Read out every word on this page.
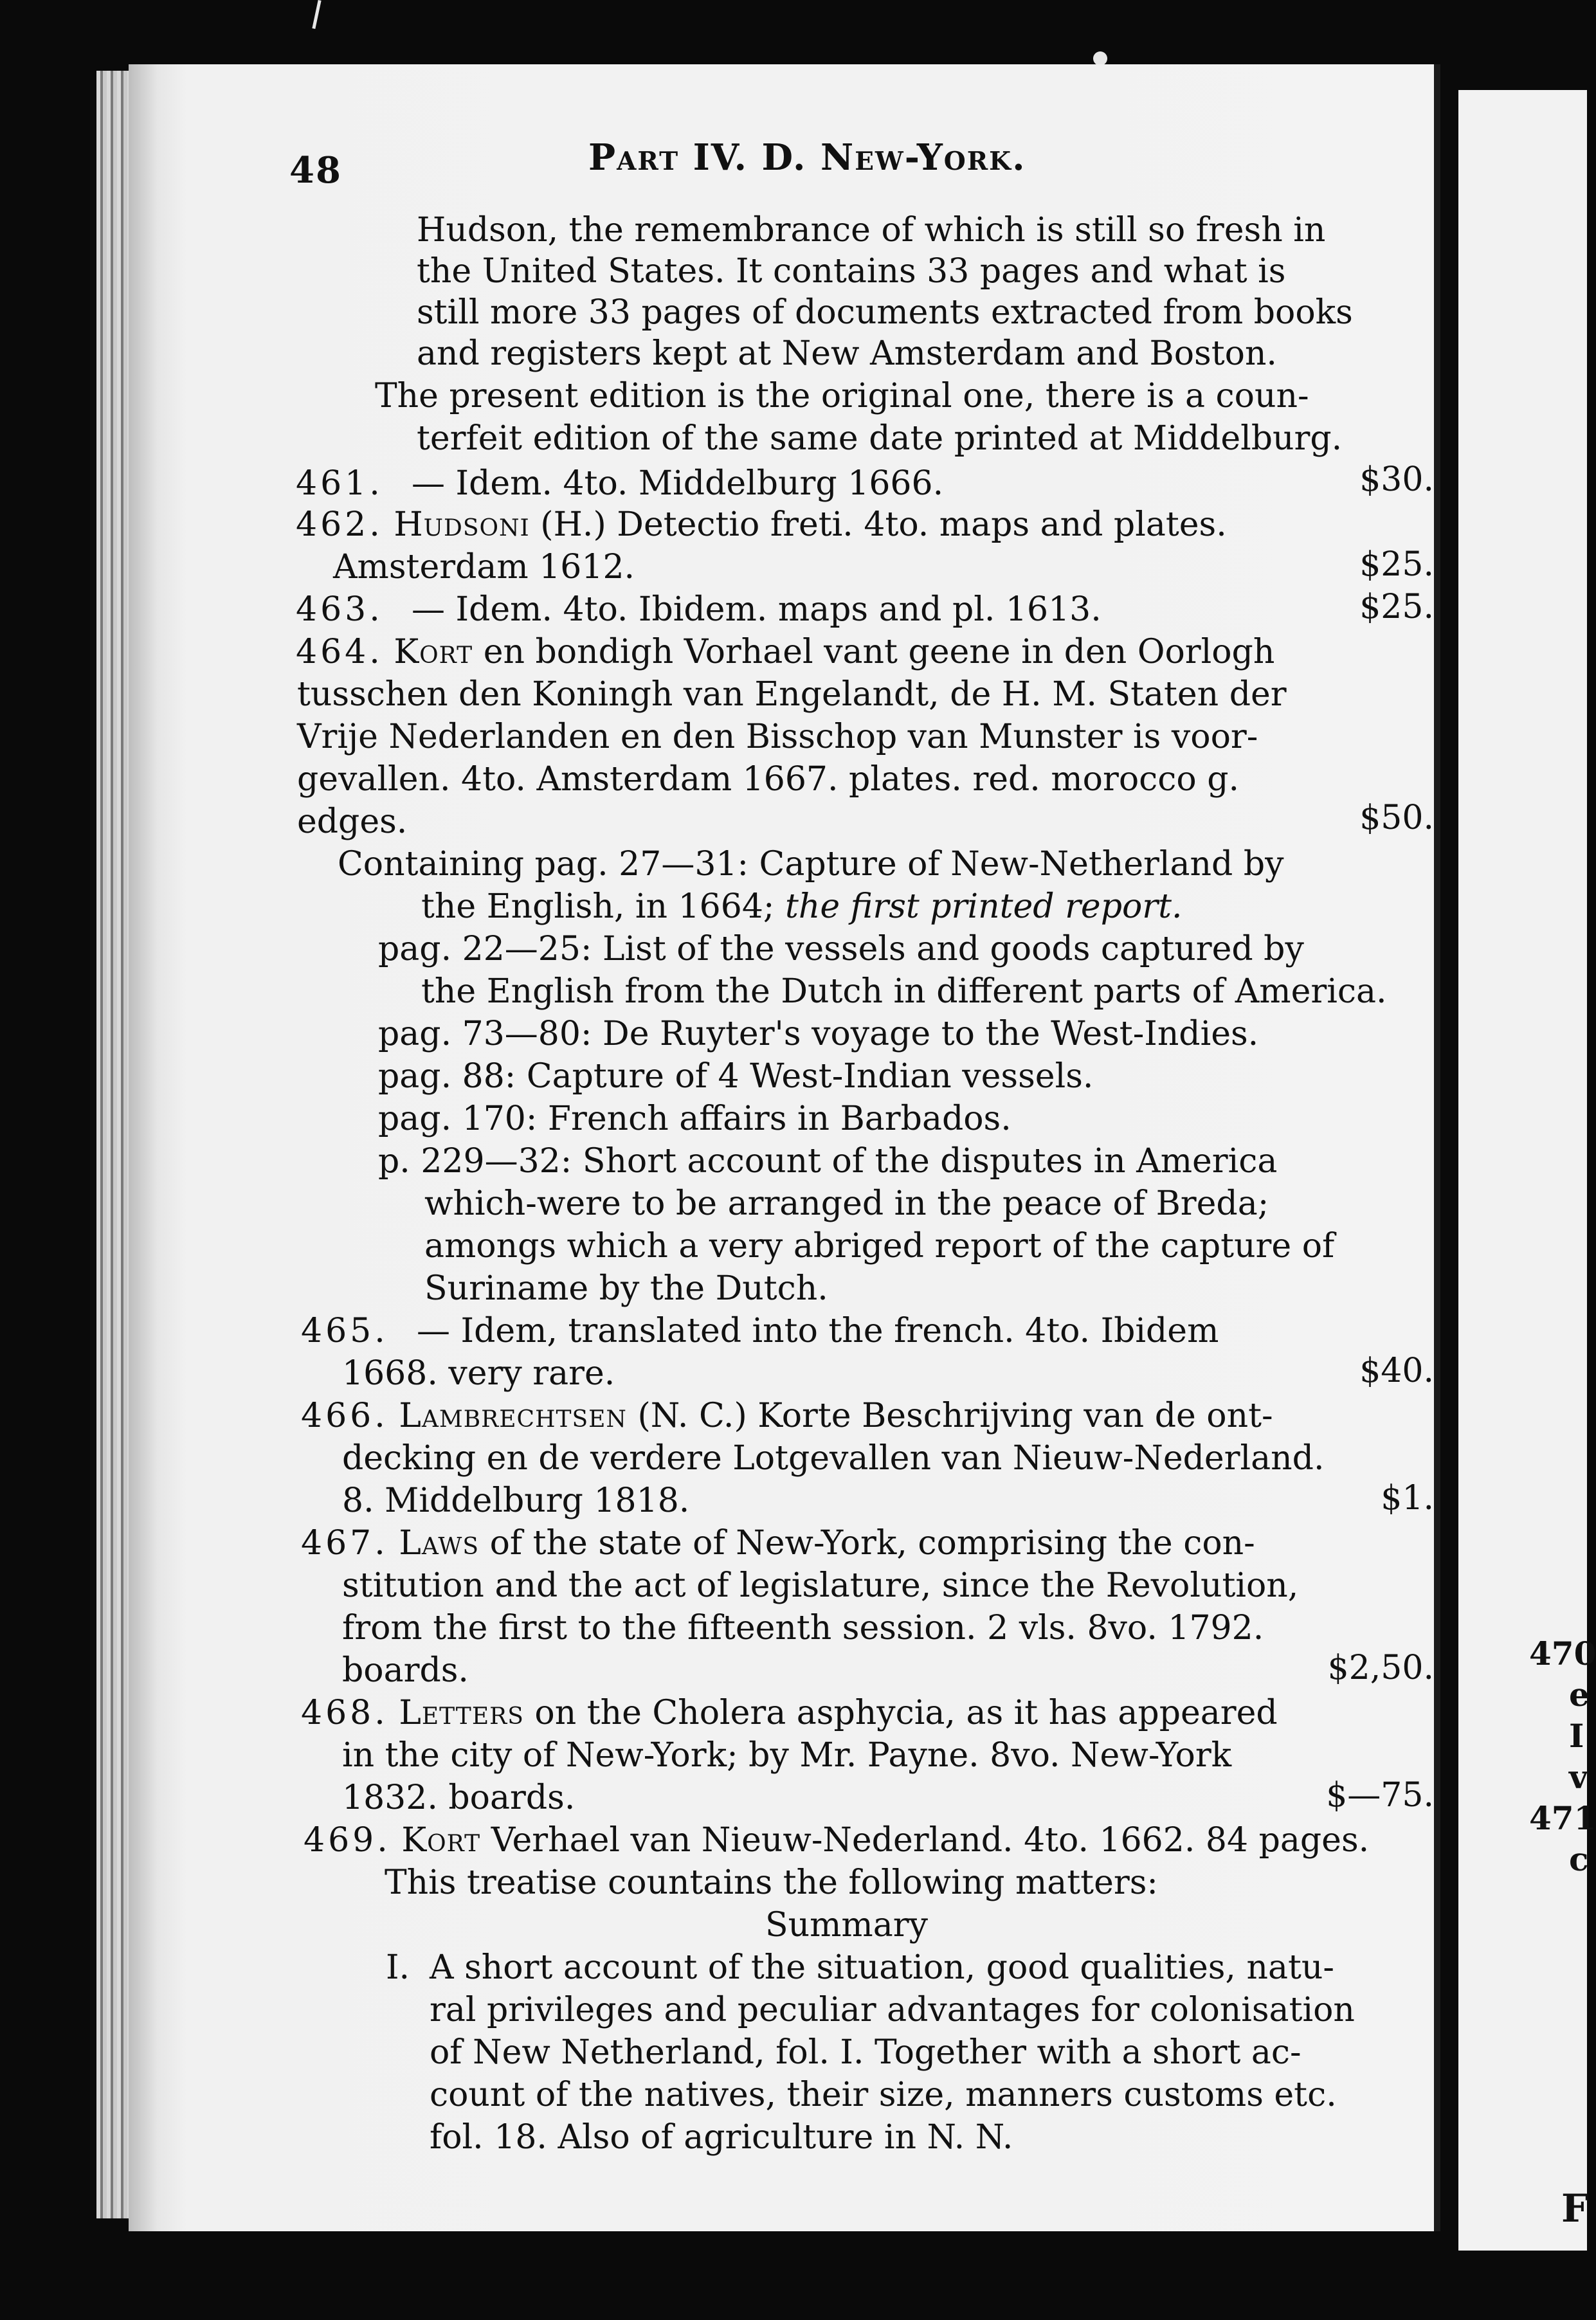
48	Part IV. D. New-York.
Hudson, the remembrance of which is still so fresh in
the United States. It contains 33 pages and what is
still more 33 pages of documents extracted from books
and registers kept at New Amsterdam and Boston.
The present edition is the original one, there is a coun-
terfeit edition of the same date printed at Middelburg.
461. — Idem. 4to. Middelburg 1666.	$30.
462. Hudsoni (H.) Detectio freti. 4to. maps and plates.
Amsterdam 1612.	$25.
463. — Idem. 4to. Ibidem. maps and pl. 1613.	$25.
464. Kort en bondigh Vorhael vant geene in den Oorlogh
tusschen den Koningh van Engelandt, de H. M. Staten der
Vrije Nederlanden en den Bisschop van Munster is voor-
gevallen. 4to. Amsterdam 1667. plates. red. morocco g.
edges.	$50.
Containing pag. 27—31: Capture of New-Netherland by
the English, in 1664; the first printed report.
pag. 22—25: List of the vessels and goods captured by
the English from the Dutch in different parts of America.
pag. 73—80: De Ruyter's voyage to the West-Indies.
pag. 88: Capture of 4 West-Indian vessels.
pag. 170: French affairs in Barbados.
p. 229—32: Short account of the disputes in America
which-were to be arranged in the peace of Breda;
amongs which a very abriged report of the capture of
Suriname by the Dutch.
465. — Idem, translated into the french. 4to. Ibidem
1668. very rare.	$40.
466. Lambrechtsen (N. C.) Korte Beschrijving van de ont-
decking en de verdere Lotgevallen van Nieuw-Nederland.
8. Middelburg 1818.	$1.
467. Laws of the state of New-York, comprising the con-
stitution and the act of legislature, since the Revolution,
from the first to the fifteenth session. 2 vls. 8vo. 1792.
boards.	$2,50.
468. Letters on the Cholera asphycia, as it has appeared
in the city of New-York; by Mr. Payne. 8vo. New-York
1832. boards.	$—75.
469. Kort Verhael van Nieuw-Nederland. 4to. 1662. 84 pages.
This treatise countains the following matters:
Summary
I. A short account of the situation, good qualities, natu-
ral privileges and peculiar advantages for colonisation
of New Netherland, fol. I. Together with a short ac-
count of the natives, their size, manners customs etc.
fol. 18. Also of agriculture in N. N.
470
e
I
v
471
c
F
